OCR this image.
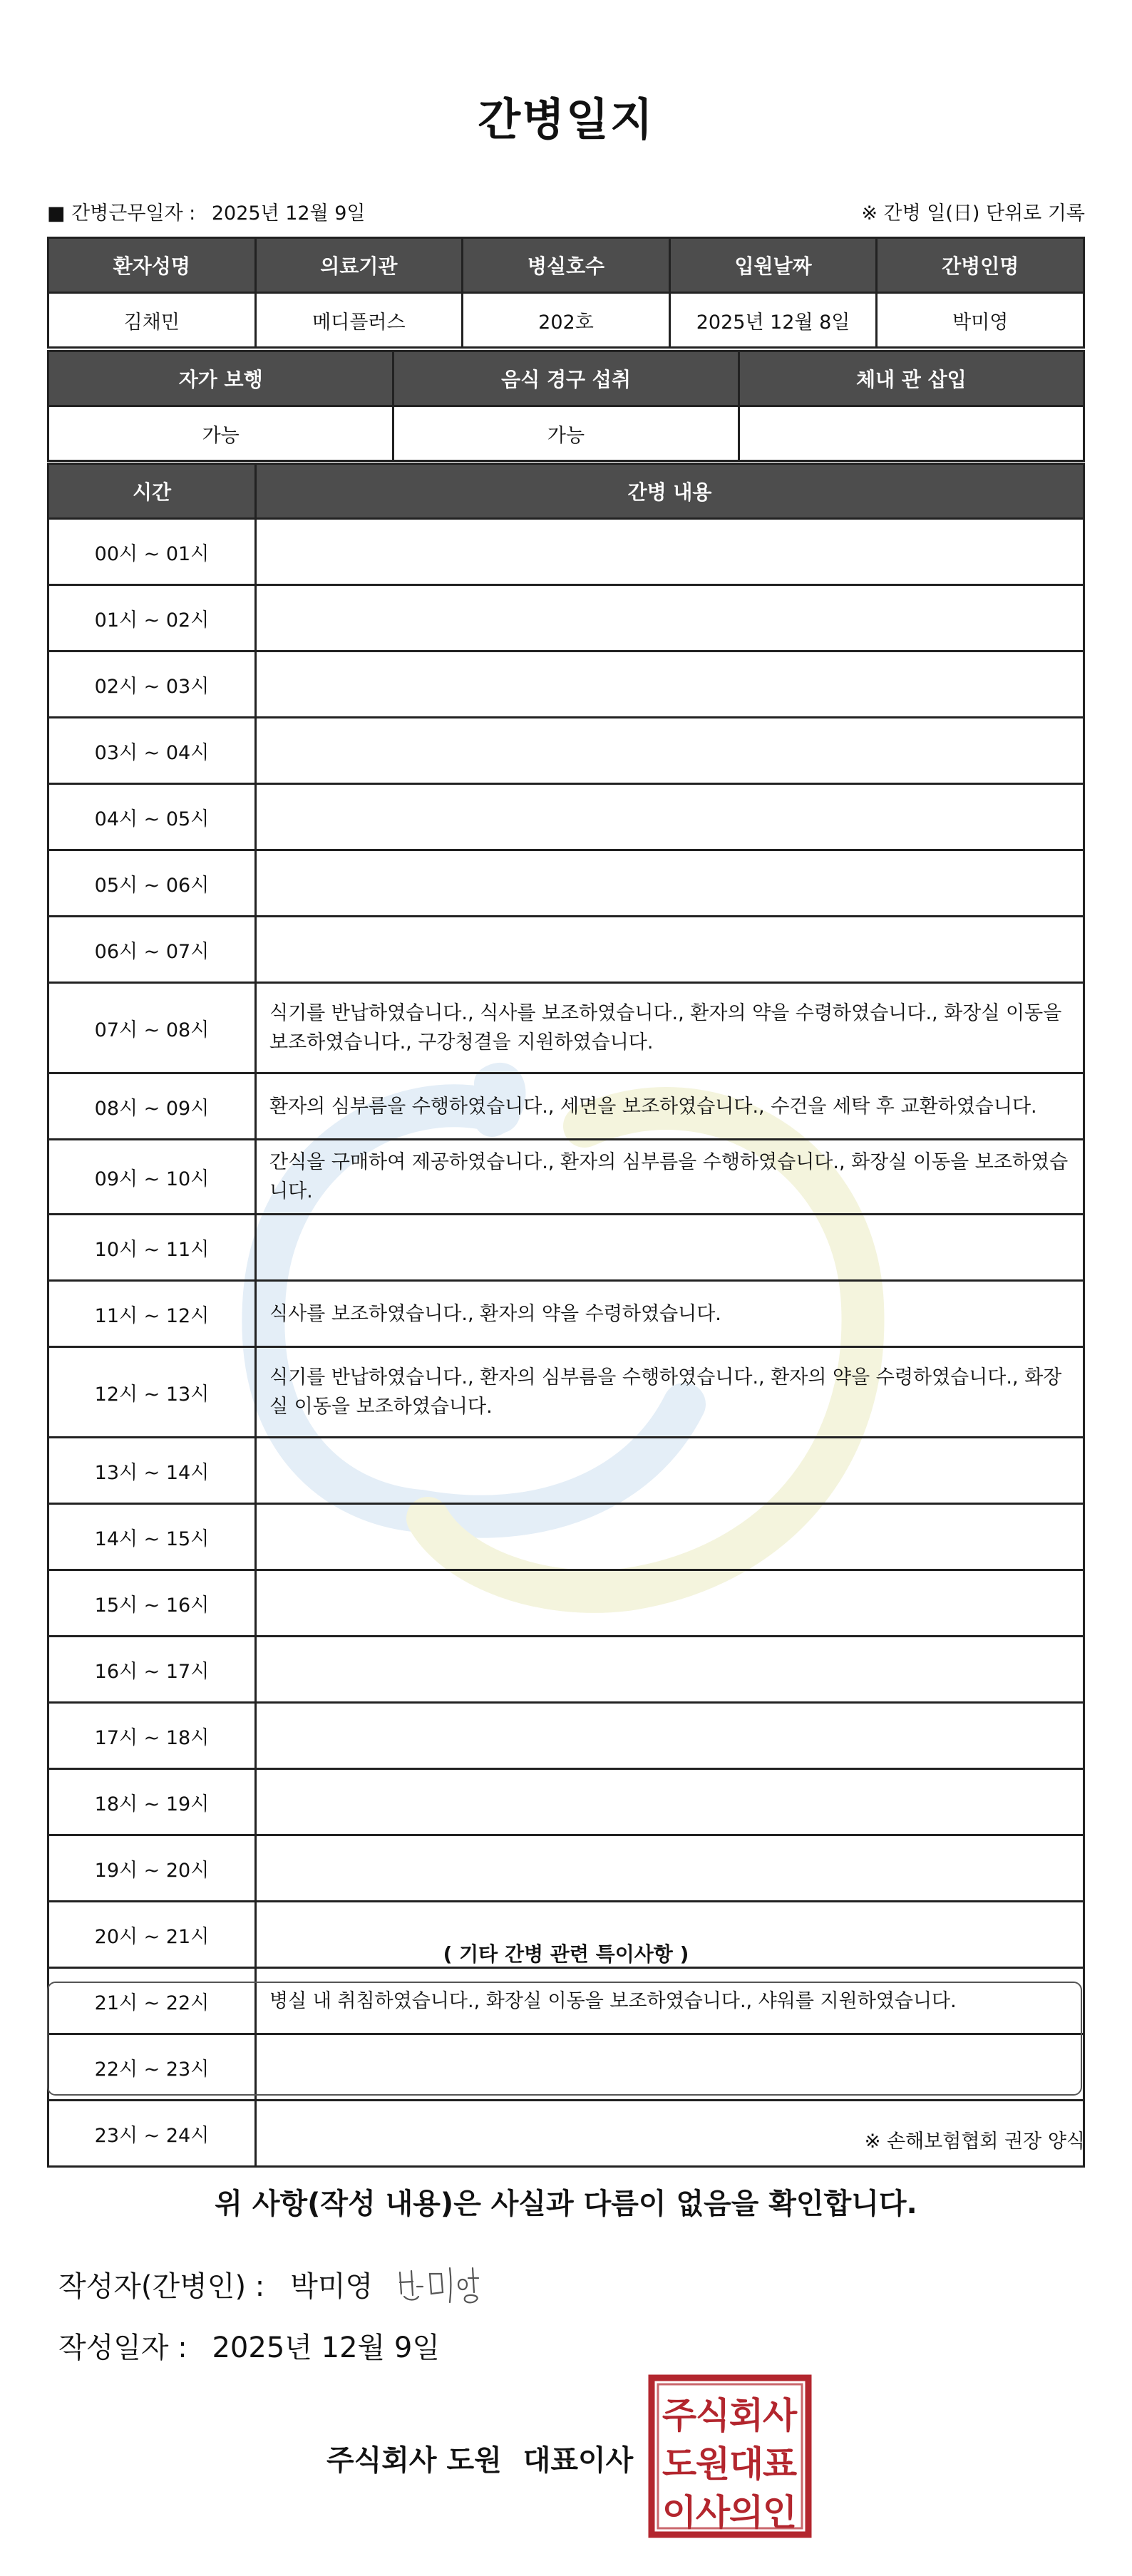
간병일지
■ 간병근무일자 : 2025년 12월 9일	※ 간병 일(日) 단위로 기록
환자성명	의료기관	병실호수	입원날짜	간병인명
김채민	메디플러스	202호	2025년 12월 8일	박미영
자가 보행	음식 경구 섭취	체내 관 삽입
가능	가능	
시간	간병 내용
00시 ~ 01시	
01시 ~ 02시	
02시 ~ 03시	
03시 ~ 04시	
04시 ~ 05시	
05시 ~ 06시	
06시 ~ 07시	
07시 ~ 08시	식기를 반납하였습니다., 식사를 보조하였습니다., 환자의 약을 수령하였습니다., 화장실 이동을 보조하였습니다., 구강청결을 지원하였습니다.
08시 ~ 09시	환자의 심부름을 수행하였습니다., 세면을 보조하였습니다., 수건을 세탁 후 교환하였습니다.
09시 ~ 10시	간식을 구매하여 제공하였습니다., 환자의 심부름을 수행하였습니다., 화장실 이동을 보조하였습니다.
10시 ~ 11시	
11시 ~ 12시	식사를 보조하였습니다., 환자의 약을 수령하였습니다.
12시 ~ 13시	식기를 반납하였습니다., 환자의 심부름을 수행하였습니다., 환자의 약을 수령하였습니다., 화장실 이동을 보조하였습니다.
13시 ~ 14시	
14시 ~ 15시	
15시 ~ 16시	
16시 ~ 17시	
17시 ~ 18시	
18시 ~ 19시	
19시 ~ 20시	
20시 ~ 21시	
21시 ~ 22시	병실 내 취침하였습니다., 화장실 이동을 보조하였습니다., 샤워를 지원하였습니다.
22시 ~ 23시	
23시 ~ 24시	
( 기타 간병 관련 특이사항 )
※ 손해보험협회 권장 양식
위 사항(작성 내용)은 사실과 다름이 없음을 확인합니다.
작성자(간병인) : 박미영
작성일자 : 2025년 12월 9일
주식회사 도원 대표이사
주
식
회
사
도
원
대
표
이
사
의
인
